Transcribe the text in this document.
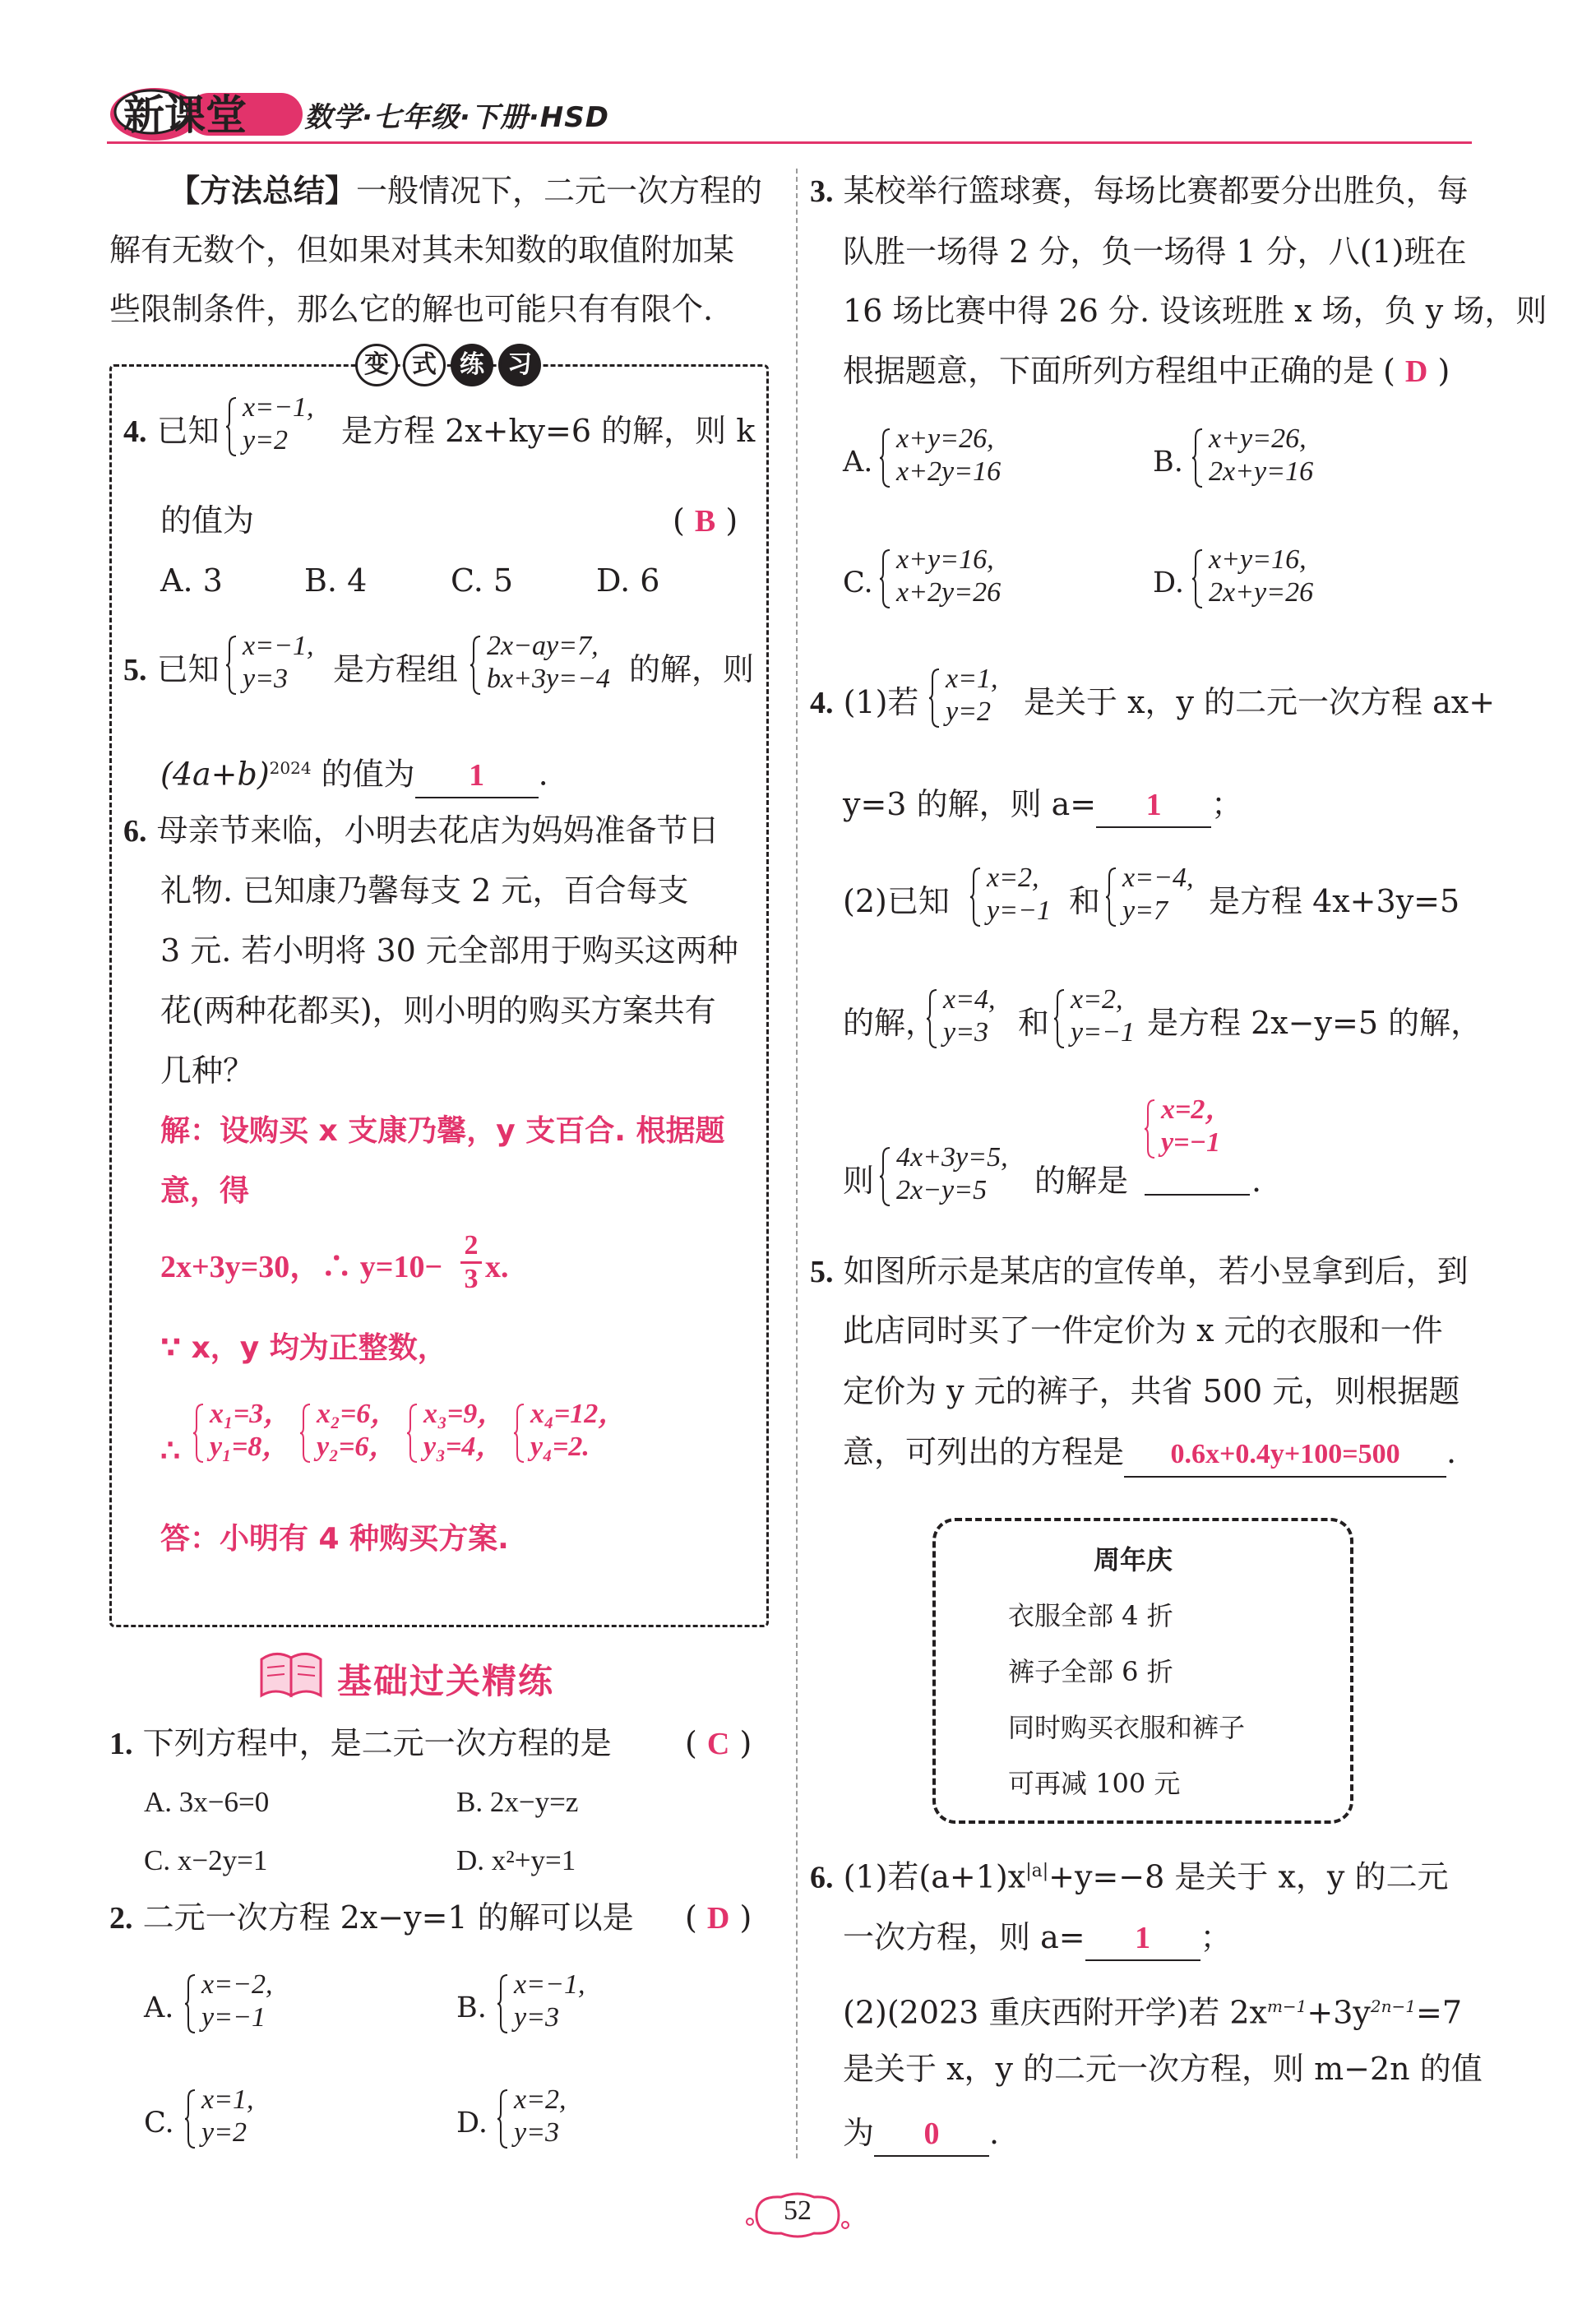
新课堂 数学·七年级·下册·HSD
【方法总结】一般情况下，二元一次方程的
解有无数个，但如果对其未知数的取值附加某
些限制条件，那么它的解也可能只有有限个.
变 式 练 习
4. 已知
x=−1,
y=2 是方程 2x+ky=6 的解，则 k
的值为	( B )
A. 3	B. 4	C. 5	D. 6
5. 已知
x=−1,
y=3 是方程组
2x−ay=7,
bx+3y=−4 的解，则
$(4a+b)^{2024}$ 的值为 1 .
6. 母亲节来临，小明去花店为妈妈准备节日
礼物. 已知康乃馨每支 2 元，百合每支
3 元. 若小明将 30 元全部用于购买这两种
花(两种花都买)，则小明的购买方案共有
几种？
解：设购买 x 支康乃馨，y 支百合. 根据题
意，得
2x+3y=30，∴ y=10−
2
3 x.
∵ x，y 均为正整数，
∴
x₁=3，
y₁=8，
x₂=6，
y₂=6，
x₃=9，
y₃=4，
x₄=12，
y₄=2.
答：小明有 4 种购买方案.
基础过关精练
1. 下列方程中，是二元一次方程的是 ( C )
A. 3x−6=0	B. 2x−y=z
C. x−2y=1	D. x²+y=1
2. 二元一次方程 2x−y=1 的解可以是 ( D )
A.
x=−2,
y=−1	B.
x=−1,
y=3
C.
x=1,
y=2	D.
x=2,
y=3
3. 某校举行篮球赛，每场比赛都要分出胜负，每
队胜一场得 2 分，负一场得 1 分，八(1)班在
16 场比赛中得 26 分. 设该班胜 x 场，负 y 场，则
根据题意，下面所列方程组中正确的是 ( D )
A.
x+y=26,
x+2y=16	B.
x+y=26,
2x+y=16
C.
x+y=16,
x+2y=26	D.
x+y=16,
2x+y=26
4. (1)若
x=1,
y=2 是关于 x，y 的二元一次方程 ax+
y=3 的解，则 a= 1 ；
(2)已知
x=2,
y=−1 和
x=−4,
y=7 是方程 4x+3y=5
的解，
x=4,
y=3 和
x=2,
y=−1 是方程 2x−y=5 的解，
则
4x+3y=5,
2x−y=5 的解是
x=2，
y=−1
.
5. 如图所示是某店的宣传单，若小昱拿到后，到
此店同时买了一件定价为 x 元的衣服和一件
定价为 y 元的裤子，共省 500 元，则根据题
意，可列出的方程是 0.6x+0.4y+100=500 .
周年庆
衣服全部 4 折
裤子全部 6 折
同时购买衣服和裤子
可再减 100 元
6. (1)若$(a+1)x^{|a|}+y=-8$ 是关于 x，y 的二元
一次方程，则 a= 1 ；
(2)(2023 重庆西附开学)若 $2x^{m-1}+3y^{2n-1}=7$
是关于 x，y 的二元一次方程，则 m−2n 的值
为 0 .
52
